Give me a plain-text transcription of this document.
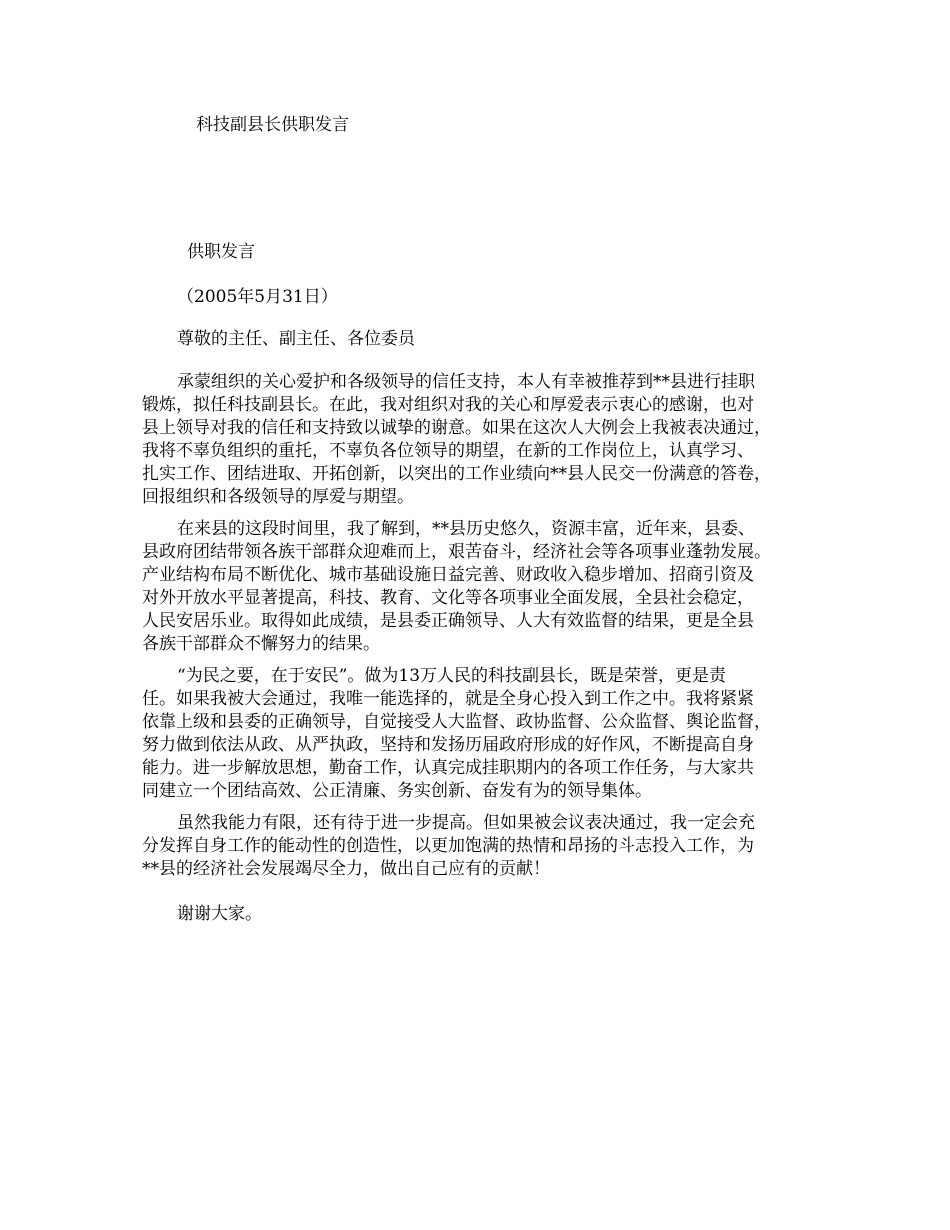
科技副县长供职发言
供职发言
（2005年5月31日）
尊敬的主任、副主任、各位委员

承蒙组织的关心爱护和各级领导的信任支持，本人有幸被推荐到**县进行挂职
锻炼，拟任科技副县长。在此，我对组织对我的关心和厚爱表示衷心的感谢，也对
县上领导对我的信任和支持致以诚挚的谢意。如果在这次人大例会上我被表决通过，
我将不辜负组织的重托，不辜负各位领导的期望，在新的工作岗位上，认真学习、
扎实工作、团结进取、开拓创新，以突出的工作业绩向**县人民交一份满意的答卷，
回报组织和各级领导的厚爱与期望。

在来县的这段时间里，我了解到，**县历史悠久，资源丰富，近年来，县委、
县政府团结带领各族干部群众迎难而上，艰苦奋斗，经济社会等各项事业蓬勃发展。
产业结构布局不断优化、城市基础设施日益完善、财政收入稳步增加、招商引资及
对外开放水平显著提高，科技、教育、文化等各项事业全面发展，全县社会稳定，
人民安居乐业。取得如此成绩，是县委正确领导、人大有效监督的结果，更是全县
各族干部群众不懈努力的结果。

“为民之要，在于安民”。做为13万人民的科技副县长，既是荣誉，更是责
任。如果我被大会通过，我唯一能选择的，就是全身心投入到工作之中。我将紧紧
依靠上级和县委的正确领导，自觉接受人大监督、政协监督、公众监督、舆论监督，
努力做到依法从政、从严执政，坚持和发扬历届政府形成的好作风，不断提高自身
能力。进一步解放思想，勤奋工作，认真完成挂职期内的各项工作任务，与大家共
同建立一个团结高效、公正清廉、务实创新、奋发有为的领导集体。

虽然我能力有限，还有待于进一步提高。但如果被会议表决通过，我一定会充
分发挥自身工作的能动性的创造性，以更加饱满的热情和昂扬的斗志投入工作，为
**县的经济社会发展竭尽全力，做出自己应有的贡献！

谢谢大家。
